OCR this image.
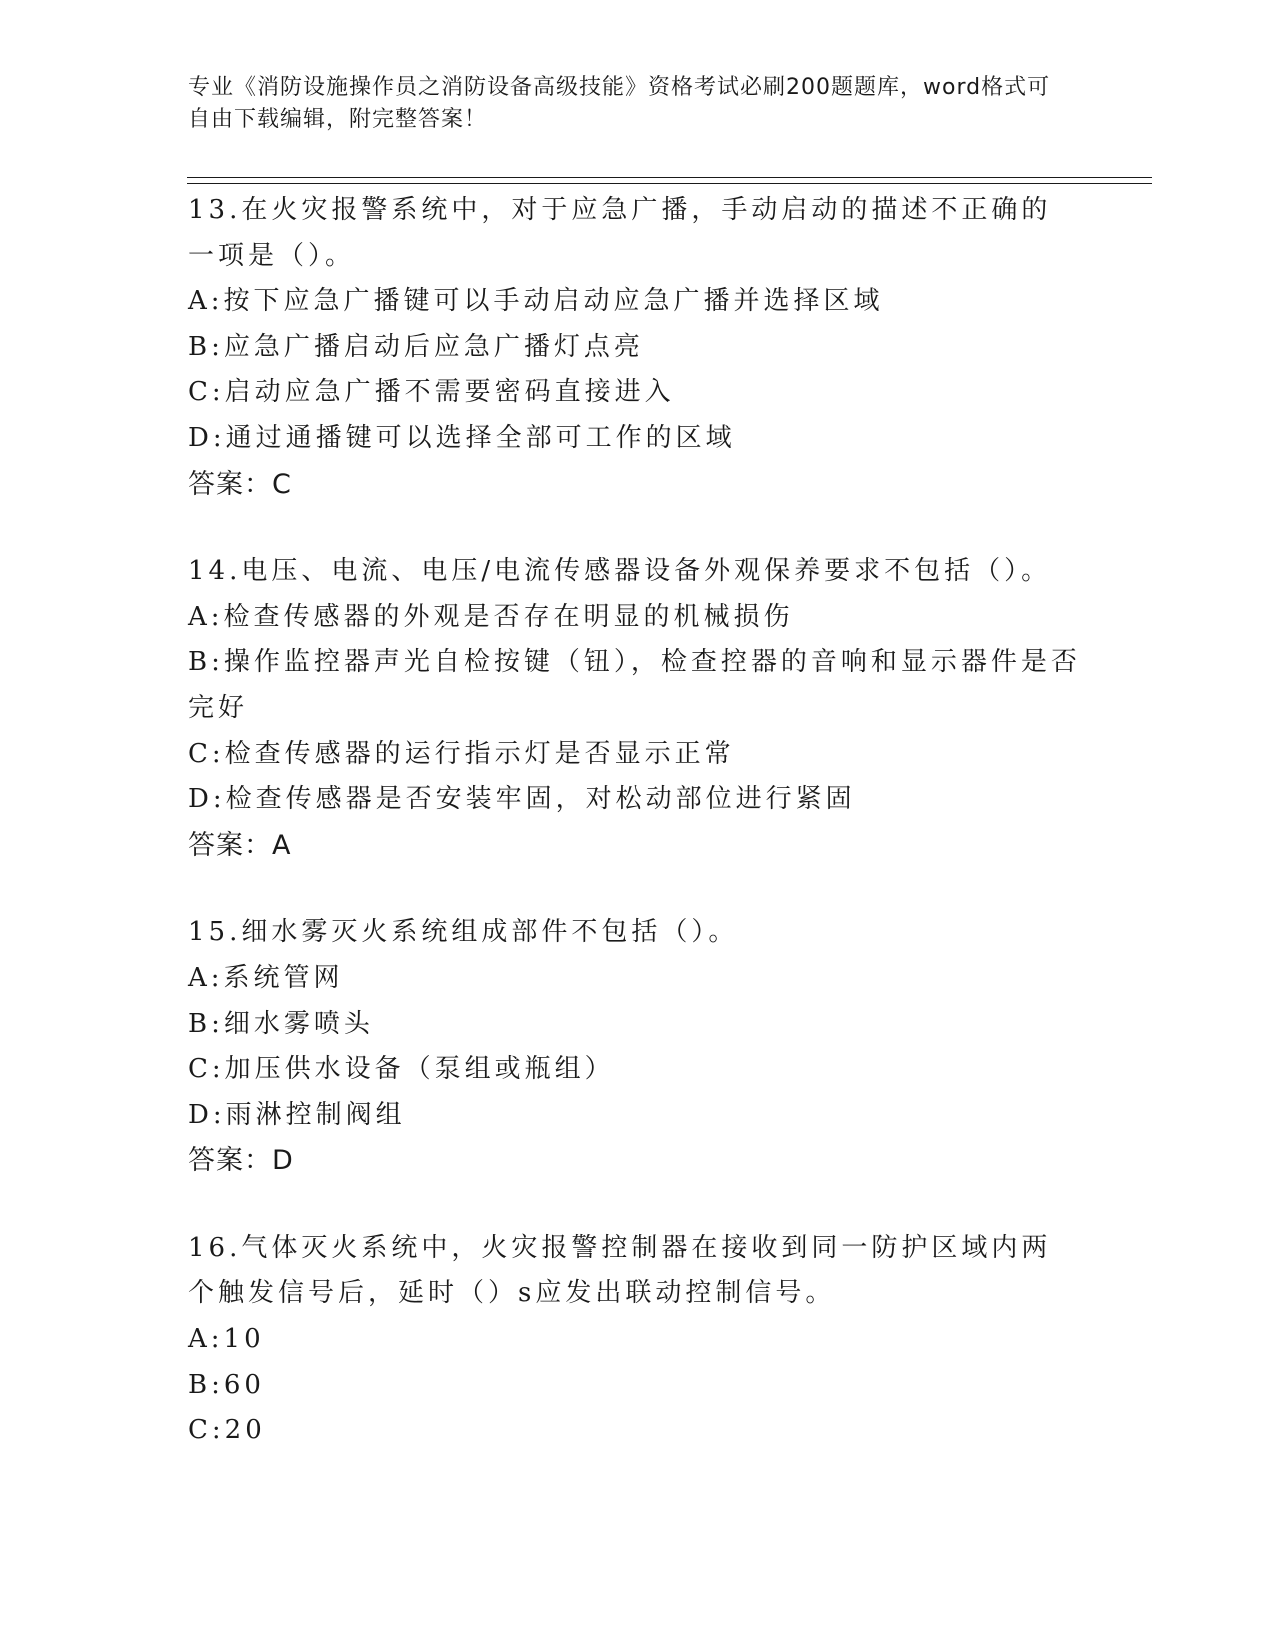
专业《消防设施操作员之消防设备高级技能》资格考试必刷200题题库，word格式可自由下载编辑，附完整答案！
13.在火灾报警系统中，对于应急广播，手动启动的描述不正确的一项是（）。
A:按下应急广播键可以手动启动应急广播并选择区域
B:应急广播启动后应急广播灯点亮
C:启动应急广播不需要密码直接进入
D:通过通播键可以选择全部可工作的区域
答案：C
14.电压、电流、电压/电流传感器设备外观保养要求不包括（）。
A:检查传感器的外观是否存在明显的机械损伤
B:操作监控器声光自检按键（钮），检查控器的音响和显示器件是否完好
C:检查传感器的运行指示灯是否显示正常
D:检查传感器是否安装牢固，对松动部位进行紧固
答案：A
15.细水雾灭火系统组成部件不包括（）。
A:系统管网
B:细水雾喷头
C:加压供水设备（泵组或瓶组）
D:雨淋控制阀组
答案：D
16.气体灭火系统中，火灾报警控制器在接收到同一防护区域内两个触发信号后，延时（）s应发出联动控制信号。
A:10
B:60
C:20
